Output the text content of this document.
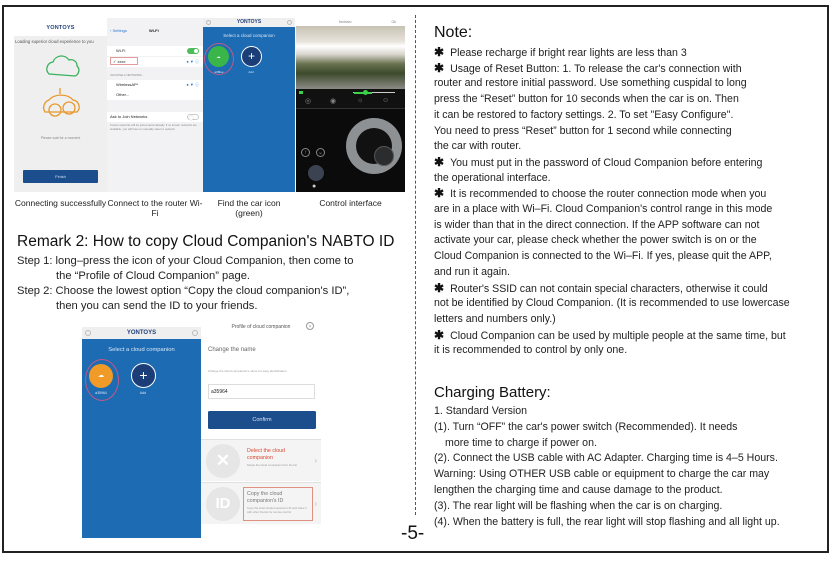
YONTOYS
Loading superior cloud experience to you
Please wait for a moment
Finish
Connecting successfully
‹ Settings	Wi-Fi
Wi-Fi
✓ xxxx	● ▼ ⓘ
CHOOSE A NETWORK...
WirelessAP*	● ▼ ⓘ
Other...
Ask to Join Networks
Known networks will be joined automatically. If no known networks are available, you will have to manually select a network.
Connect to the router Wi-Fi
YONTOYS
Select a cloud companion
☁
a08fee
+
Add
Find the car icon (green)
fm4mvu	Ok
◎	◉	☼	☺
↑	⌄
●
Control interface
Remark 2: How to copy Cloud Companion's NABTO ID
Step 1: long–press the icon of your Cloud Companion, then come to
the “Profile of Cloud Companion” page.
Step 2: Choose the lowest option “Copy the cloud companion's ID”,
then you can send the ID to your friends.
YONTOYS
Select a cloud companion
☁
a35964
+
Add
Profile of cloud companion	×
Change the name
Change the cloud companion's name for easy identification
a35964
Confirm
✕	Delect the cloud companion
Delete the cloud companion from the list	›
ID
Copy the cloud companion's ID
Copy the local cloudcompanion's ID and share it with other friends for remote control
›
Note:
✱ Please recharge if bright rear lights are less than 3
✱ Usage of Reset Button: 1. To release the car's connection with
router and restore initial password. Use something cuspidal to long
press the “Reset” button for 10 seconds when the car is on. Then
it can be restored to factory settings. 2. To set "Easy Configure".
You need to press “Reset” button for 1 second while connecting
the car with router.
✱ You must put in the password of Cloud Companion before entering
the operational interface.
✱ It is recommended to choose the router connection mode when you
are in a place with Wi–Fi. Cloud Companion's control range in this mode
is wider than that in the direct connection. If the APP software can not
activate your car, please check whether the power switch is on or the
Cloud Companion is connected to the Wi–Fi. If yes, please quit the APP,
and run it again.
✱ Router's SSID can not contain special characters, otherwise it could
not be identified by Cloud Companion. (It is recommended to use lowercase
letters and numbers only.)
✱ Cloud Companion can be used by multiple people at the same time, but
it is recommended to control by only one.
Charging Battery:
1. Standard Version
(1). Turn “OFF” the car's power switch (Recommended). It needs
more time to charge if power on.
(2). Connect the USB cable with AC Adapter. Charging time is 4–5 Hours.
Warning: Using OTHER USB cable or equipment to charge the car may
lengthen the charging time and cause damage to the product.
(3). The rear light will be flashing when the car is on charging.
(4). When the battery is full, the rear light will stop flashing and all light up.
-5-
